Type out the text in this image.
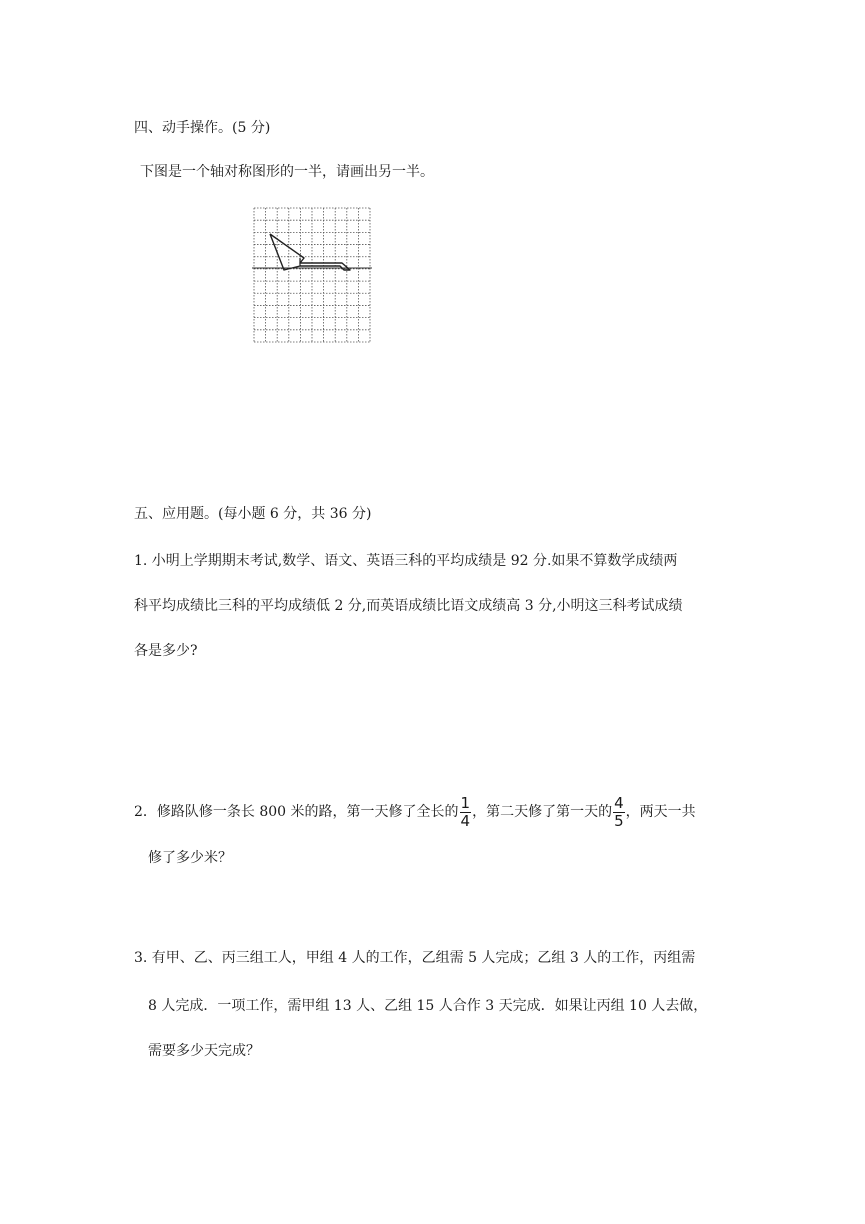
四、动手操作。(5 分)
下图是一个轴对称图形的一半，请画出另一半。
五、应用题。(每小题 6 分，共 36 分)
1. 小明上学期期末考试,数学、语文、英语三科的平均成绩是 92 分.如果不算数学成绩两
科平均成绩比三科的平均成绩低 2 分,而英语成绩比语文成绩高 3 分,小明这三科考试成绩
各是多少?
2．修路队修一条长 800 米的路，第一天修了全长的 $\frac{1}{4}$ ，第二天修了第一天的 $\frac{4}{5}$ ，两天一共
修了多少米？
3. 有甲、乙、丙三组工人，甲组 4 人的工作，乙组需 5 人完成；乙组 3 人的工作，丙组需
8 人完成．一项工作，需甲组 13 人、乙组 15 人合作 3 天完成．如果让丙组 10 人去做，
需要多少天完成？
